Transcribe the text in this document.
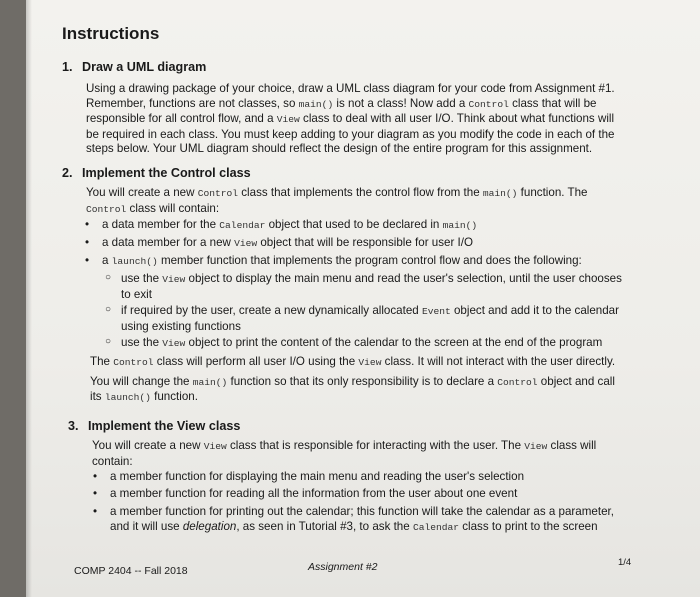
Instructions
1. Draw a UML diagram
Using a drawing package of your choice, draw a UML class diagram for your code from Assignment #1.
Remember, functions are not classes, so main() is not a class! Now add a Control class that will be
responsible for all control flow, and a View class to deal with all user I/O. Think about what functions will
be required in each class. You must keep adding to your diagram as you modify the code in each of the
steps below. Your UML diagram should reflect the design of the entire program for this assignment.
2. Implement the Control class
You will create a new Control class that implements the control flow from the main() function. The
Control class will contain:
• a data member for the Calendar object that used to be declared in main()
• a data member for a new View object that will be responsible for user I/O
• a launch() member function that implements the program control flow and does the following:
○ use the View object to display the main menu and read the user's selection, until the user chooses
to exit
○ if required by the user, create a new dynamically allocated Event object and add it to the calendar
using existing functions
○ use the View object to print the content of the calendar to the screen at the end of the program
The Control class will perform all user I/O using the View class. It will not interact with the user directly.
You will change the main() function so that its only responsibility is to declare a Control object and call
its launch() function.
3. Implement the View class
You will create a new View class that is responsible for interacting with the user. The View class will
contain:
• a member function for displaying the main menu and reading the user's selection
• a member function for reading all the information from the user about one event
• a member function for printing out the calendar; this function will take the calendar as a parameter,
and it will use delegation, as seen in Tutorial #3, to ask the Calendar class to print to the screen
COMP 2404 -- Fall 2018	Assignment #2	1/4
